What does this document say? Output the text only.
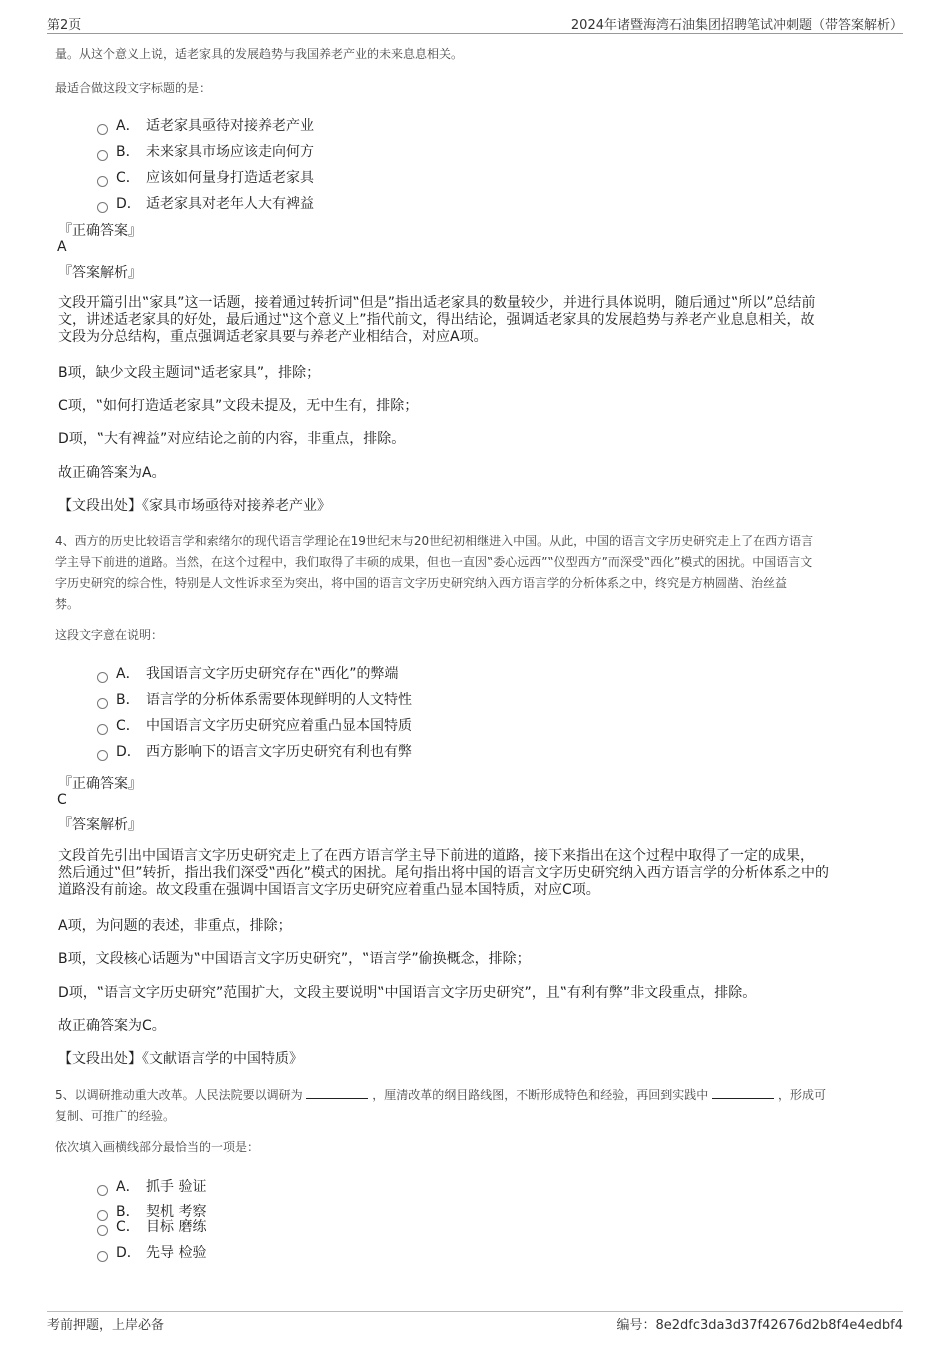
第2页	2024年诸暨海湾石油集团招聘笔试冲刺题（带答案解析）
量。从这个意义上说，适老家具的发展趋势与我国养老产业的未来息息相关。
最适合做这段文字标题的是：
A． 适老家具亟待对接养老产业
B． 未来家具市场应该走向何方
C． 应该如何量身打造适老家具
D． 适老家具对老年人大有裨益
『正确答案』
A
『答案解析』
文段开篇引出‟家具”这一话题，接着通过转折词‟但是”指出适老家具的数量较少，并进行具体说明，随后通过‟所以”总结前
文，讲述适老家具的好处，最后通过‟这个意义上”指代前文，得出结论，强调适老家具的发展趋势与养老产业息息相关，故
文段为分总结构，重点强调适老家具要与养老产业相结合，对应A项。
B项，缺少文段主题词‟适老家具”，排除；
C项，‟如何打造适老家具”文段未提及，无中生有，排除；
D项，‟大有裨益”对应结论之前的内容，非重点，排除。
故正确答案为A。
【文段出处】《家具市场亟待对接养老产业》
4、西方的历史比较语言学和索绪尔的现代语言学理论在19世纪末与20世纪初相继进入中国。从此，中国的语言文字历史研究走上了在西方语言
学主导下前进的道路。当然，在这个过程中，我们取得了丰硕的成果，但也一直因‟委心远西”‟仪型西方”而深受‟西化”模式的困扰。中国语言文
字历史研究的综合性，特别是人文性诉求至为突出，将中国的语言文字历史研究纳入西方语言学的分析体系之中，终究是方枘圆凿、治丝益
棼。
这段文字意在说明：
A． 我国语言文字历史研究存在‟西化”的弊端
B． 语言学的分析体系需要体现鲜明的人文特性
C． 中国语言文字历史研究应着重凸显本国特质
D． 西方影响下的语言文字历史研究有利也有弊
『正确答案』
C
『答案解析』
文段首先引出中国语言文字历史研究走上了在西方语言学主导下前进的道路，接下来指出在这个过程中取得了一定的成果，
然后通过‟但”转折，指出我们深受‟西化”模式的困扰。尾句指出将中国的语言文字历史研究纳入西方语言学的分析体系之中的
道路没有前途。故文段重在强调中国语言文字历史研究应着重凸显本国特质，对应C项。
A项，为问题的表述，非重点，排除；
B项，文段核心话题为‟中国语言文字历史研究”，‟语言学”偷换概念，排除；
D项，‟语言文字历史研究”范围扩大，文段主要说明‟中国语言文字历史研究”，且‟有利有弊”非文段重点，排除。
故正确答案为C。
【文段出处】《文献语言学的中国特质》
5、以调研推动重大改革。人民法院要以调研为	，厘清改革的纲目路线图，不断形成特色和经验，再回到实践中	，形成可
复制、可推广的经验。
依次填入画横线部分最恰当的一项是：
A． 抓手 验证
B． 契机 考察
C． 目标 磨练
D． 先导 检验
考前押题，上岸必备	编号：8e2dfc3da3d37f42676d2b8f4e4edbf4
